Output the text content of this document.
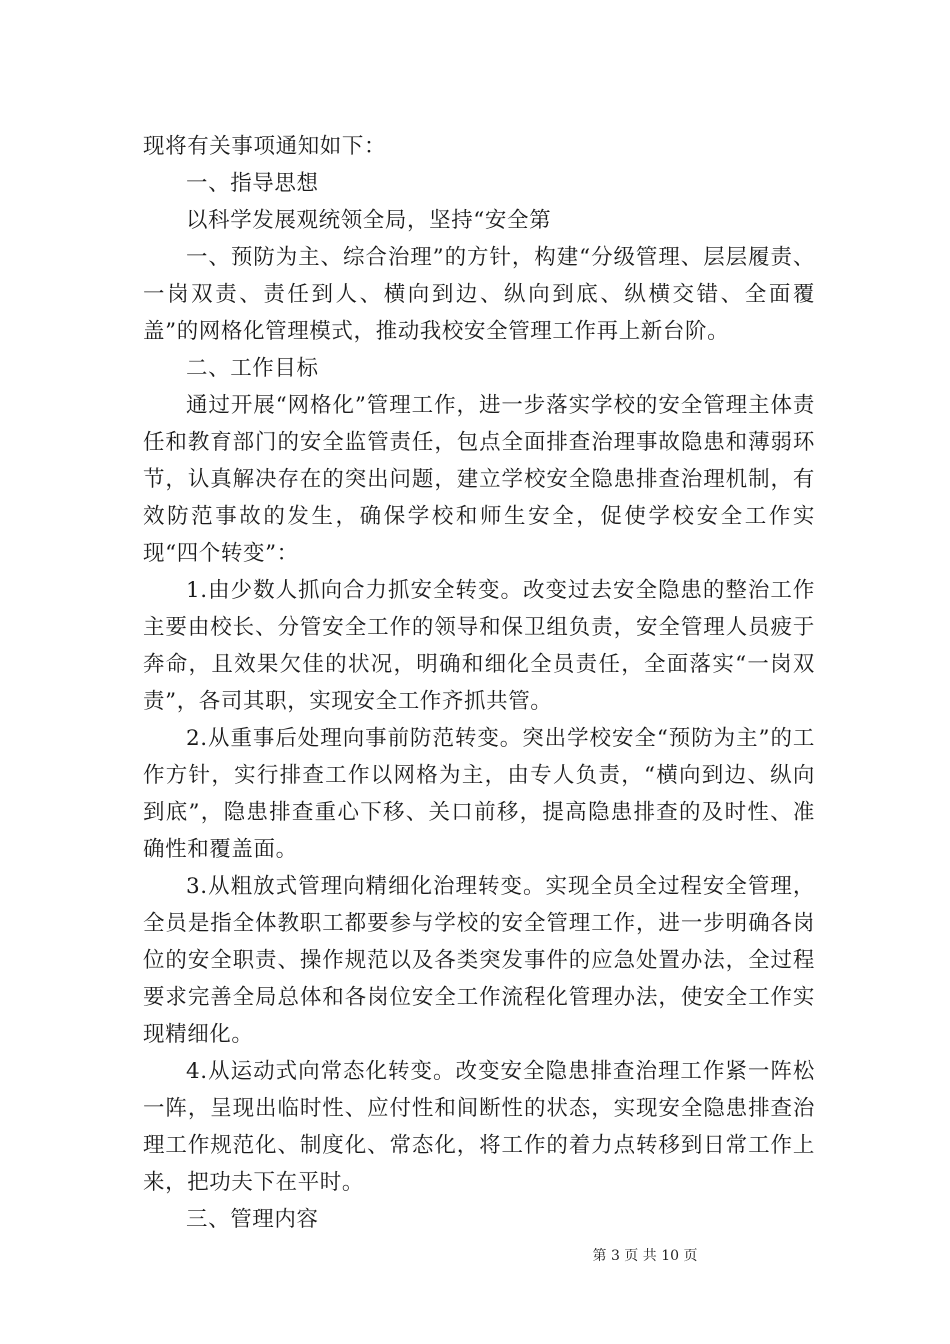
现将有关事项通知如下：

一、指导思想

以科学发展观统领全局，坚持“安全第

一、预防为主、综合治理”的方针，构建“分级管理、层层履责、一岗双责、责任到人、横向到边、纵向到底、纵横交错、全面覆盖”的网格化管理模式，推动我校安全管理工作再上新台阶。

二、工作目标

通过开展“网格化”管理工作，进一步落实学校的安全管理主体责任和教育部门的安全监管责任，包点全面排查治理事故隐患和薄弱环节，认真解决存在的突出问题，建立学校安全隐患排查治理机制，有效防范事故的发生，确保学校和师生安全，促使学校安全工作实现“四个转变”：

1.由少数人抓向合力抓安全转变。改变过去安全隐患的整治工作主要由校长、分管安全工作的领导和保卫组负责，安全管理人员疲于奔命，且效果欠佳的状况，明确和细化全员责任，全面落实“一岗双责”，各司其职，实现安全工作齐抓共管。

2.从重事后处理向事前防范转变。突出学校安全“预防为主”的工作方针，实行排查工作以网格为主，由专人负责，“横向到边、纵向到底”，隐患排查重心下移、关口前移，提高隐患排查的及时性、准确性和覆盖面。

3.从粗放式管理向精细化治理转变。实现全员全过程安全管理，全员是指全体教职工都要参与学校的安全管理工作，进一步明确各岗位的安全职责、操作规范以及各类突发事件的应急处置办法，全过程要求完善全局总体和各岗位安全工作流程化管理办法，使安全工作实现精细化。

4.从运动式向常态化转变。改变安全隐患排查治理工作紧一阵松一阵，呈现出临时性、应付性和间断性的状态，实现安全隐患排查治理工作规范化、制度化、常态化，将工作的着力点转移到日常工作上来，把功夫下在平时。

三、管理内容

第 3 页 共 10 页
